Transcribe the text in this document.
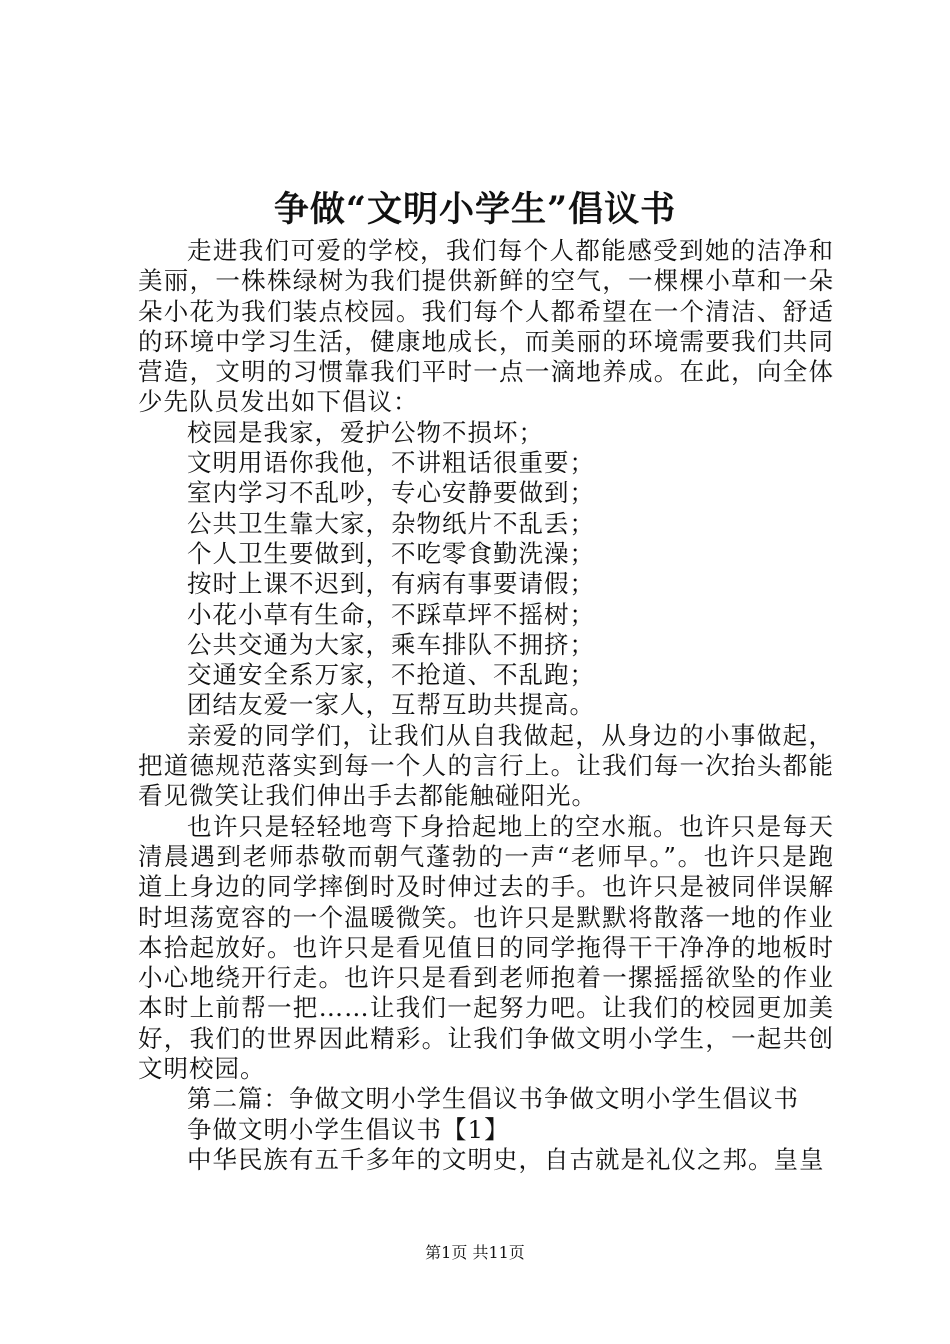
争做“文明小学生”倡议书

走进我们可爱的学校，我们每个人都能感受到她的洁净和美丽，一株株绿树为我们提供新鲜的空气，一棵棵小草和一朵朵小花为我们装点校园。我们每个人都希望在一个清洁、舒适的环境中学习生活，健康地成长，而美丽的环境需要我们共同营造，文明的习惯靠我们平时一点一滴地养成。在此，向全体少先队员发出如下倡议：

校园是我家，爱护公物不损坏；

文明用语你我他，不讲粗话很重要；

室内学习不乱吵，专心安静要做到；

公共卫生靠大家，杂物纸片不乱丢；

个人卫生要做到，不吃零食勤洗澡；

按时上课不迟到，有病有事要请假；

小花小草有生命，不踩草坪不摇树；

公共交通为大家，乘车排队不拥挤；

交通安全系万家，不抢道、不乱跑；

团结友爱一家人，互帮互助共提高。

亲爱的同学们，让我们从自我做起，从身边的小事做起，把道德规范落实到每一个人的言行上。让我们每一次抬头都能看见微笑让我们伸出手去都能触碰阳光。

也许只是轻轻地弯下身拾起地上的空水瓶。也许只是每天清晨遇到老师恭敬而朝气蓬勃的一声“老师早。”。也许只是跑道上身边的同学摔倒时及时伸过去的手。也许只是被同伴误解时坦荡宽容的一个温暖微笑。也许只是默默将散落一地的作业本拾起放好。也许只是看见值日的同学拖得干干净净的地板时小心地绕开行走。也许只是看到老师抱着一摞摇摇欲坠的作业本时上前帮一把……让我们一起努力吧。让我们的校园更加美好，我们的世界因此精彩。让我们争做文明小学生，一起共创文明校园。

第二篇：争做文明小学生倡议书争做文明小学生倡议书

争做文明小学生倡议书【1】

中华民族有五千多年的文明史，自古就是礼仪之邦。皇皇

第1页 共11页
